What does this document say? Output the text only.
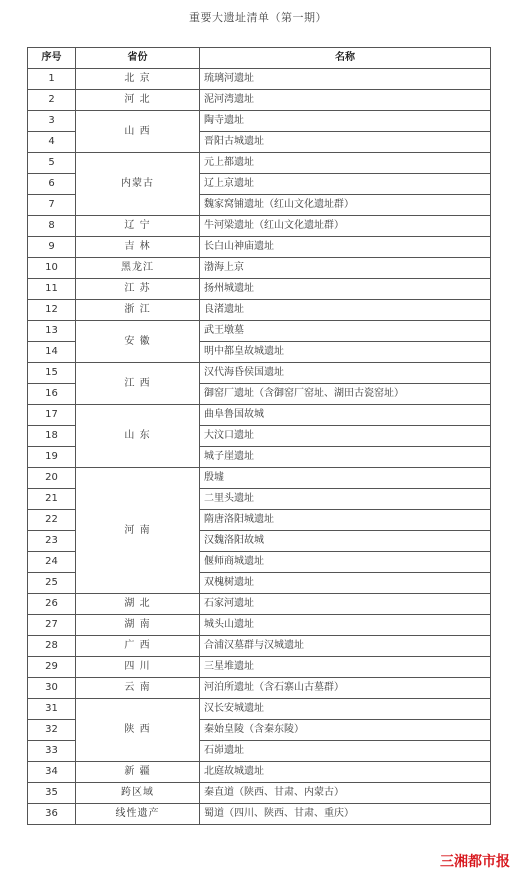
重要大遗址清单（第一期）
序号	省份	名称
1	北 京	琉璃河遗址
2	河 北	泥河湾遗址
3	山 西	陶寺遗址
4		晋阳古城遗址
5	内蒙古	元上都遗址
6		辽上京遗址
7		魏家窝铺遗址（红山文化遗址群）
8	辽 宁	牛河梁遗址（红山文化遗址群）
9	吉 林	长白山神庙遗址
10	黑龙江	渤海上京
11	江 苏	扬州城遗址
12	浙 江	良渚遗址
13	安 徽	武王墩墓
14		明中都皇故城遗址
15	江 西	汉代海昏侯国遗址
16		御窑厂遗址（含御窑厂窑址、湖田古瓷窑址）
17	山 东	曲阜鲁国故城
18		大汶口遗址
19		城子崖遗址
20	河 南	殷墟
21		二里头遗址
22		隋唐洛阳城遗址
23		汉魏洛阳故城
24		偃师商城遗址
25		双槐树遗址
26	湖 北	石家河遗址
27	湖 南	城头山遗址
28	广 西	合浦汉墓群与汉城遗址
29	四 川	三星堆遗址
30	云 南	河泊所遗址（含石寨山古墓群）
31	陕 西	汉长安城遗址
32		秦始皇陵（含秦东陵）
33		石峁遗址
34	新 疆	北庭故城遗址
35	跨区域	秦直道（陕西、甘肃、内蒙古）
36	线性遗产	蜀道（四川、陕西、甘肃、重庆）
三湘都市报
